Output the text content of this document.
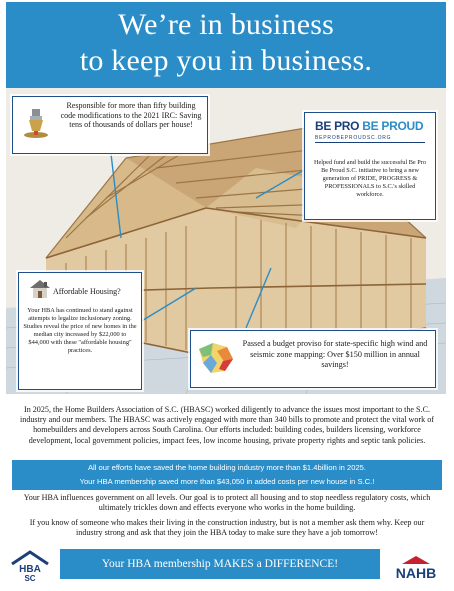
We’re in business
to keep you in business.
Responsible for more than fifty building code modifications to the 2021 IRC: Saving tens of thousands of dollars per house!	BE PRO BE PROUD
BEPROBEPROUDSC.ORG
Helped fund and build the successful Be Pro Be Proud S.C. initiative to bring a new generation of PRIDE, PROGRESS & PROFESSIONALS to S.C.'s skilled workforce.
Affordable Housing?
Your HBA has continued to stand against attempts to legalize inclusionary zoning. Studies reveal the price of new homes in the median city increased by $22,000 to $44,000 with these "affordable housing" practices.
Passed a budget proviso for state-specific high wind and seismic zone mapping: Over $150 million in annual savings!
In 2025, the Home Builders Association of S.C. (HBASC) worked diligently to advance the issues most important to the S.C. industry and our members. The HBASC was actively engaged with more than 340 bills to promote and protect the vital work of homebuilders and developers across South Carolina. Our efforts included: building codes, builders licensing, workforce development, local government policies, impact fees, low income housing, private property rights and septic tank policies.
All our efforts have saved the home building industry more than $1.4billion in 2025.
Your HBA membership saved more than $43,050 in added costs per new house in S.C.!
Your HBA influences government on all levels. Our goal is to protect all housing and to stop needless regulatory costs, which ultimately trickles down and effects everyone who works in the home building.
If you know of someone who makes their living in the construction industry, but is not a member ask them why. Keep our industry strong and ask that they join the HBA today to make sure they have a job tomorrow!
HBA
SC
Your HBA membership MAKES a DIFFERENCE!
NAHB
